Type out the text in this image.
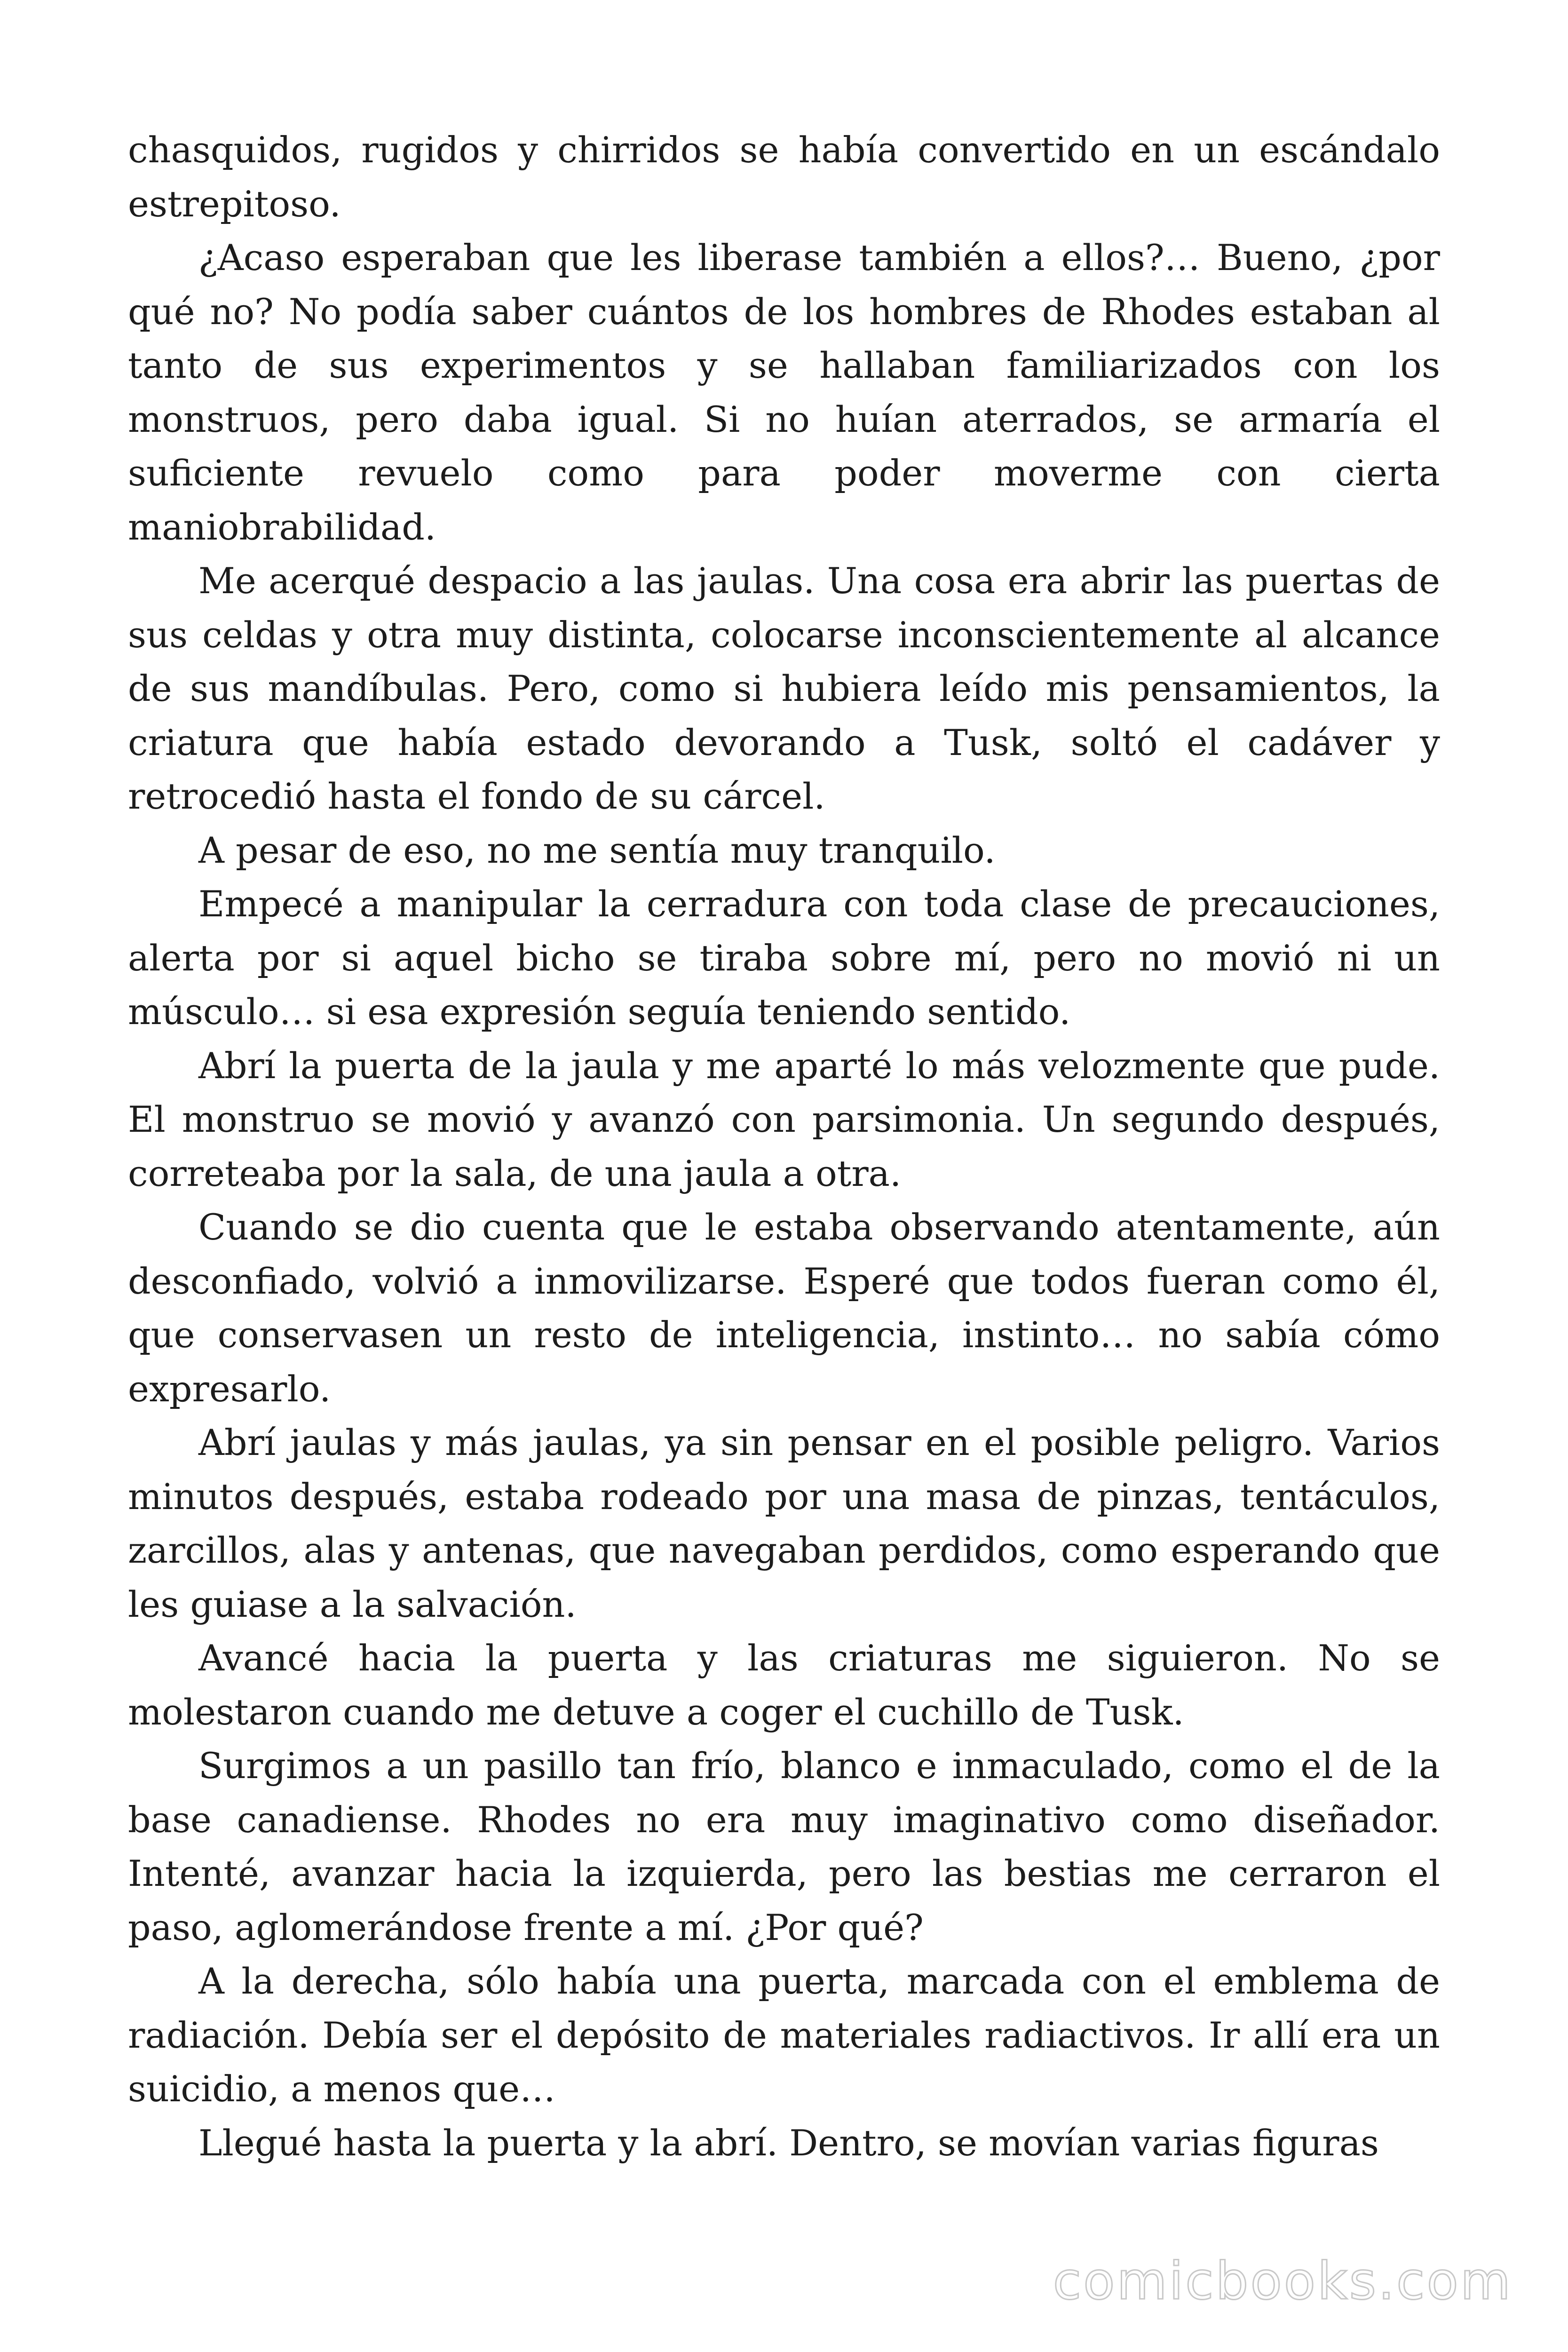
chasquidos, rugidos y chirridos se había convertido en un escándalo estrepitoso.

¿Acaso esperaban que les liberase también a ellos?… Bueno, ¿por qué no? No podía saber cuántos de los hombres de Rhodes estaban al tanto de sus experimentos y se hallaban familiarizados con los monstruos, pero daba igual. Si no huían aterrados, se armaría el suficiente revuelo como para poder moverme con cierta maniobrabilidad.

Me acerqué despacio a las jaulas. Una cosa era abrir las puertas de sus celdas y otra muy distinta, colocarse inconscientemente al alcance de sus mandíbulas. Pero, como si hubiera leído mis pensamientos, la criatura que había estado devorando a Tusk, soltó el cadáver y retrocedió hasta el fondo de su cárcel.

A pesar de eso, no me sentía muy tranquilo.

Empecé a manipular la cerradura con toda clase de precauciones, alerta por si aquel bicho se tiraba sobre mí, pero no movió ni un músculo… si esa expresión seguía teniendo sentido.

Abrí la puerta de la jaula y me aparté lo más velozmente que pude. El monstruo se movió y avanzó con parsimonia. Un segundo después, correteaba por la sala, de una jaula a otra.

Cuando se dio cuenta que le estaba observando atentamente, aún desconfiado, volvió a inmovilizarse. Esperé que todos fueran como él, que conservasen un resto de inteligencia, instinto… no sabía cómo expresarlo.

Abrí jaulas y más jaulas, ya sin pensar en el posible peligro. Varios minutos después, estaba rodeado por una masa de pinzas, tentáculos, zarcillos, alas y antenas, que navegaban perdidos, como esperando que les guiase a la salvación.

Avancé hacia la puerta y las criaturas me siguieron. No se molestaron cuando me detuve a coger el cuchillo de Tusk.

Surgimos a un pasillo tan frío, blanco e inmaculado, como el de la base canadiense. Rhodes no era muy imaginativo como diseñador. Intenté, avanzar hacia la izquierda, pero las bestias me cerraron el paso, aglomerándose frente a mí. ¿Por qué?

A la derecha, sólo había una puerta, marcada con el emblema de radiación. Debía ser el depósito de materiales radiactivos. Ir allí era un suicidio, a menos que…

Llegué hasta la puerta y la abrí. Dentro, se movían varias figuras

comicbooks.com
